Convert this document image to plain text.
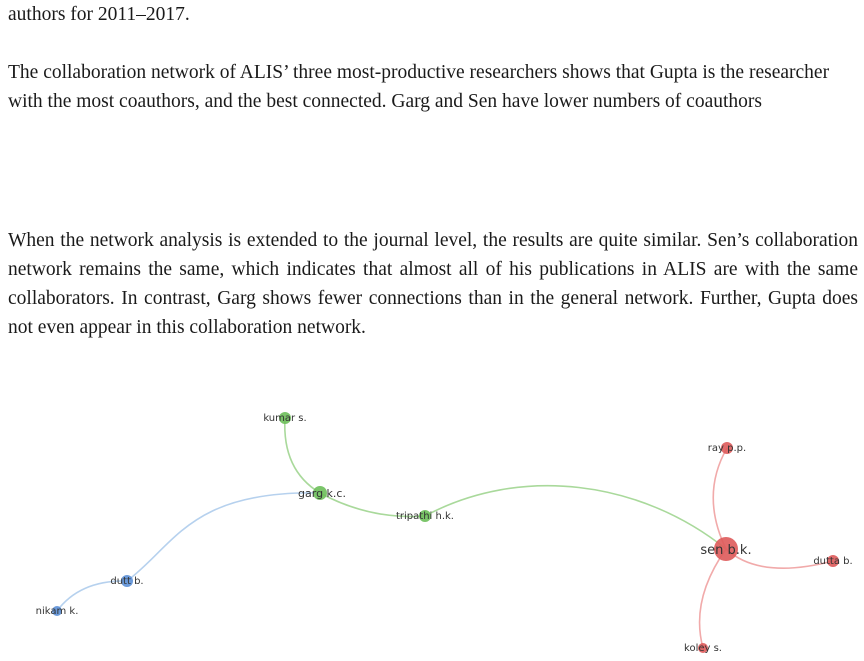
authors for 2011–2017.

The collaboration network of ALIS’ three most-productive researchers shows that Gupta is the researcher with the most coauthors, and the best connected. Garg and Sen have lower numbers of coauthors

When the network analysis is extended to the journal level, the results are quite similar. Sen’s collaboration network remains the same, which indicates that almost all of his publications in ALIS are with the same collaborators. In contrast, Garg shows fewer connections than in the general network. Further, Gupta does not even appear in this collaboration network.

kumar s.
garg k.c.
tripathi h.k.
dutt b.
nikam k.
ray p.p.
sen b.k.
dutta b.
koley s.
